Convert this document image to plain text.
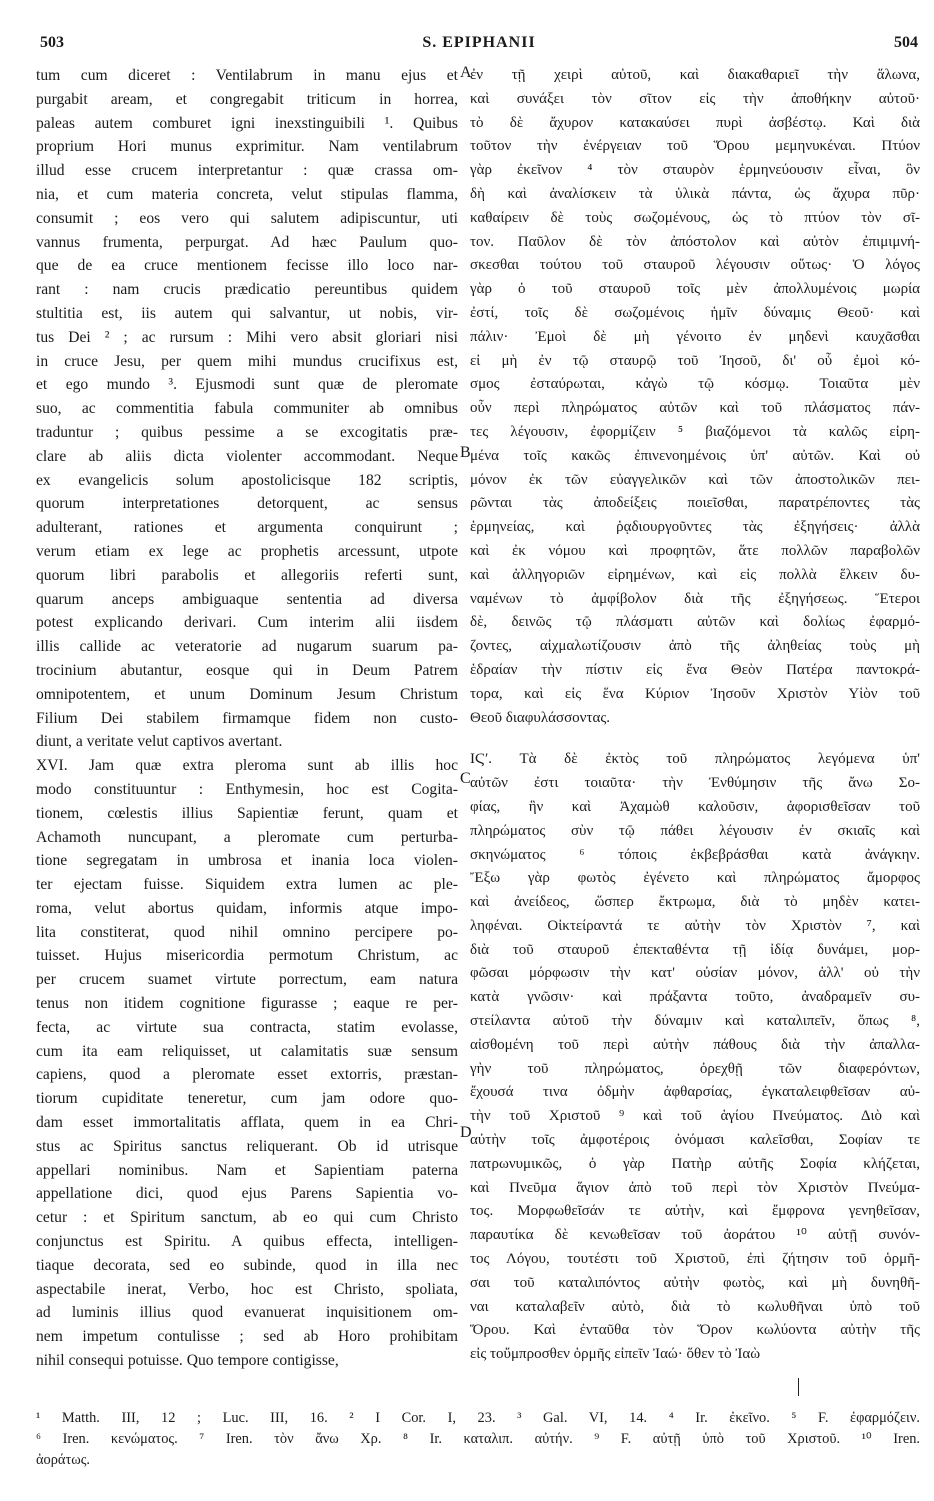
503	S. EPIPHANII	504
tum cum diceret : Ventilabrum in manu ejus et
purgabit aream, et congregabit triticum in horrea,
paleas autem comburet igni inexstinguibili ¹. Quibus
proprium Hori munus exprimitur. Nam ventilabrum
illud esse crucem interpretantur : quæ crassa om-
nia, et cum materia concreta, velut stipulas flamma,
consumit ; eos vero qui salutem adipiscuntur, uti
vannus frumenta, perpurgat. Ad hæc Paulum quo-
que de ea cruce mentionem fecisse illo loco nar-
rant : nam crucis prædicatio pereuntibus quidem
stultitia est, iis autem qui salvantur, ut nobis, vir-
tus Dei ² ; ac rursum : Mihi vero absit gloriari nisi
in cruce Jesu, per quem mihi mundus crucifixus est,
et ego mundo ³. Ejusmodi sunt quæ de pleromate
suo, ac commentitia fabula communiter ab omnibus
traduntur ; quibus pessime a se excogitatis præ-
clare ab aliis dicta violenter accommodant. Neque
ex evangelicis solum apostolicisque 182 scriptis,
quorum interpretationes detorquent, ac sensus
adulterant, rationes et argumenta conquirunt ;
verum etiam ex lege ac prophetis arcessunt, utpote
quorum libri parabolis et allegoriis referti sunt,
quarum anceps ambiguaque sententia ad diversa
potest explicando derivari. Cum interim alii iisdem
illis callide ac veteratorie ad nugarum suarum pa-
trocinium abutantur, eosque qui in Deum Patrem
omnipotentem, et unum Dominum Jesum Christum
Filium Dei stabilem firmamque fidem non custo-
diunt, a veritate velut captivos avertant.
XVI. Jam quæ extra pleroma sunt ab illis hoc
modo constituuntur : Enthymesin, hoc est Cogita-
tionem, cœlestis illius Sapientiæ ferunt, quam et
Achamoth nuncupant, a pleromate cum perturba-
tione segregatam in umbrosa et inania loca violen-
ter ejectam fuisse. Siquidem extra lumen ac ple-
roma, velut abortus quidam, informis atque impo-
lita constiterat, quod nihil omnino percipere po-
tuisset. Hujus misericordia permotum Christum, ac
per crucem suamet virtute porrectum, eam natura
tenus non itidem cognitione figurasse ; eaque re per-
fecta, ac virtute sua contracta, statim evolasse,
cum ita eam reliquisset, ut calamitatis suæ sensum
capiens, quod a pleromate esset extorris, præstan-
tiorum cupiditate teneretur, cum jam odore quo-
dam esset immortalitatis afflata, quem in ea Chri-
stus ac Spiritus sanctus reliquerant. Ob id utrisque
appellari nominibus. Nam et Sapientiam paterna
appellatione dici, quod ejus Parens Sapientia vo-
cetur : et Spiritum sanctum, ab eo qui cum Christo
conjunctus est Spiritu. A quibus effecta, intelligen-
tiaque decorata, sed eo subinde, quod in illa nec
aspectabile inerat, Verbo, hoc est Christo, spoliata,
ad luminis illius quod evanuerat inquisitionem om-
nem impetum contulisse ; sed ab Horo prohibitam
nihil consequi potuisse. Quo tempore contigisse,
ἐν τῇ χειρὶ αὐτοῦ, καὶ διακαθαριεῖ τὴν ἅλωνα,
καὶ συνάξει τὸν σῖτον εἰς τὴν ἀποθήκην αὐτοῦ·
τὸ δὲ ἄχυρον κατακαύσει πυρὶ ἀσβέστῳ. Καὶ διὰ
τοῦτον τὴν ἐνέργειαν τοῦ Ὅρου μεμηνυκέναι. Πτύον
γὰρ ἐκεῖνον ⁴ τὸν σταυρὸν ἑρμηνεύουσιν εἶναι, ὃν
δὴ καὶ ἀναλίσκειν τὰ ὑλικὰ πάντα, ὡς ἄχυρα πῦρ·
καθαίρειν δὲ τοὺς σωζομένους, ὡς τὸ πτύον τὸν σῖ-
τον. Παῦλον δὲ τὸν ἀπόστολον καὶ αὐτὸν ἐπιμιμνή-
σκεσθαι τούτου τοῦ σταυροῦ λέγουσιν οὕτως· Ὁ λόγος
γὰρ ὁ τοῦ σταυροῦ τοῖς μὲν ἀπολλυμένοις μωρία
ἐστί, τοῖς δὲ σωζομένοις ἡμῖν δύναμις Θεοῦ· καὶ
πάλιν· Ἐμοὶ δὲ μὴ γένοιτο ἐν μηδενὶ καυχᾶσθαι
εἰ μὴ ἐν τῷ σταυρῷ τοῦ Ἰησοῦ, δι' οὗ ἐμοὶ κό-
σμος ἐσταύρωται, κἀγὼ τῷ κόσμῳ. Τοιαῦτα μὲν
οὖν περὶ πληρώματος αὐτῶν καὶ τοῦ πλάσματος πάν-
τες λέγουσιν, ἐφορμίζειν ⁵ βιαζόμενοι τὰ καλῶς εἰρη-
μένα τοῖς κακῶς ἐπινενοημένοις ὑπ' αὐτῶν. Καὶ οὐ
μόνον ἐκ τῶν εὐαγγελικῶν καὶ τῶν ἀποστολικῶν πει-
ρῶνται τὰς ἀποδείξεις ποιεῖσθαι, παρατρέποντες τὰς
ἑρμηνείας, καὶ ῥᾳδιουργοῦντες τὰς ἐξηγήσεις· ἀλλὰ
καὶ ἐκ νόμου καὶ προφητῶν, ἅτε πολλῶν παραβολῶν
καὶ ἀλληγοριῶν εἰρημένων, καὶ εἰς πολλὰ ἕλκειν δυ-
ναμένων τὸ ἀμφίβολον διὰ τῆς ἐξηγήσεως. Ἕτεροι
δὲ, δεινῶς τῷ πλάσματι αὐτῶν καὶ δολίως ἐφαρμό-
ζοντες, αἰχμαλωτίζουσιν ἀπὸ τῆς ἀληθείας τοὺς μὴ
ἑδραίαν τὴν πίστιν εἰς ἕνα Θεὸν Πατέρα παντοκρά-
τορα, καὶ εἰς ἕνα Κύριον Ἰησοῦν Χριστὸν Υἱὸν τοῦ
Θεοῦ διαφυλάσσοντας.
ΙϚʹ. Τὰ δὲ ἐκτὸς τοῦ πληρώματος λεγόμενα ὑπ'
αὐτῶν ἐστι τοιαῦτα· τὴν Ἐνθύμησιν τῆς ἄνω Σο-
φίας, ἣν καὶ Ἀχαμὼθ καλοῦσιν, ἀφορισθεῖσαν τοῦ
πληρώματος σὺν τῷ πάθει λέγουσιν ἐν σκιαῖς καὶ
σκηνώματος ⁶ τόποις ἐκβεβράσθαι κατὰ ἀνάγκην.
Ἔξω γὰρ φωτὸς ἐγένετο καὶ πληρώματος ἄμορφος
καὶ ἀνείδεος, ὥσπερ ἔκτρωμα, διὰ τὸ μηδὲν κατει-
ληφέναι. Οἰκτείραντά τε αὐτὴν τὸν Χριστὸν ⁷, καὶ
διὰ τοῦ σταυροῦ ἐπεκταθέντα τῇ ἰδίᾳ δυνάμει, μορ-
φῶσαι μόρφωσιν τὴν κατ' οὐσίαν μόνον, ἀλλ' οὐ τὴν
κατὰ γνῶσιν· καὶ πράξαντα τοῦτο, ἀναδραμεῖν συ-
στείλαντα αὐτοῦ τὴν δύναμιν καὶ καταλιπεῖν, ὅπως ⁸,
αἰσθομένη τοῦ περὶ αὐτὴν πάθους διὰ τὴν ἀπαλλα-
γὴν τοῦ πληρώματος, ὀρεχθῇ τῶν διαφερόντων,
ἔχουσά τινα ὀδμὴν ἀφθαρσίας, ἐγκαταλειφθεῖσαν αὐ-
τὴν τοῦ Χριστοῦ ⁹ καὶ τοῦ ἁγίου Πνεύματος. Διὸ καὶ
αὐτὴν τοῖς ἀμφοτέροις ὀνόμασι καλεῖσθαι, Σοφίαν τε
πατρωνυμικῶς, ὁ γὰρ Πατὴρ αὐτῆς Σοφία κλήζεται,
καὶ Πνεῦμα ἅγιον ἀπὸ τοῦ περὶ τὸν Χριστὸν Πνεύμα-
τος. Μορφωθεῖσάν τε αὐτὴν, καὶ ἔμφρονα γενηθεῖσαν,
παραυτίκα δὲ κενωθεῖσαν τοῦ ἀοράτου ¹⁰ αὐτῇ συνόν-
τος Λόγου, τουτέστι τοῦ Χριστοῦ, ἐπὶ ζήτησιν τοῦ ὁρμῆ-
σαι τοῦ καταλιπόντος αὐτὴν φωτὸς, καὶ μὴ δυνηθῆ-
ναι καταλαβεῖν αὐτὸ, διὰ τὸ κωλυθῆναι ὑπὸ τοῦ
Ὅρου. Καὶ ἐνταῦθα τὸν Ὅρον κωλύοντα αὐτὴν τῆς
εἰς τοὔμπροσθεν ὁρμῆς εἰπεῖν Ἰαώ· ὅθεν τὸ Ἰαὼ
A
B
C
D
¹ Matth. III, 12 ; Luc. III, 16. ² I Cor. I, 23. ³ Gal. VI, 14. ⁴ Ir. ἐκεῖνο. ⁵ F. ἐφαρμόζειν.
⁶ Iren. κενώματος. ⁷ Iren. τὸν ἄνω Χρ. ⁸ Ir. καταλιπ. αὐτήν. ⁹ F. αὐτῇ ὑπὸ τοῦ Χριστοῦ. ¹⁰ Iren.
ἀοράτως.
